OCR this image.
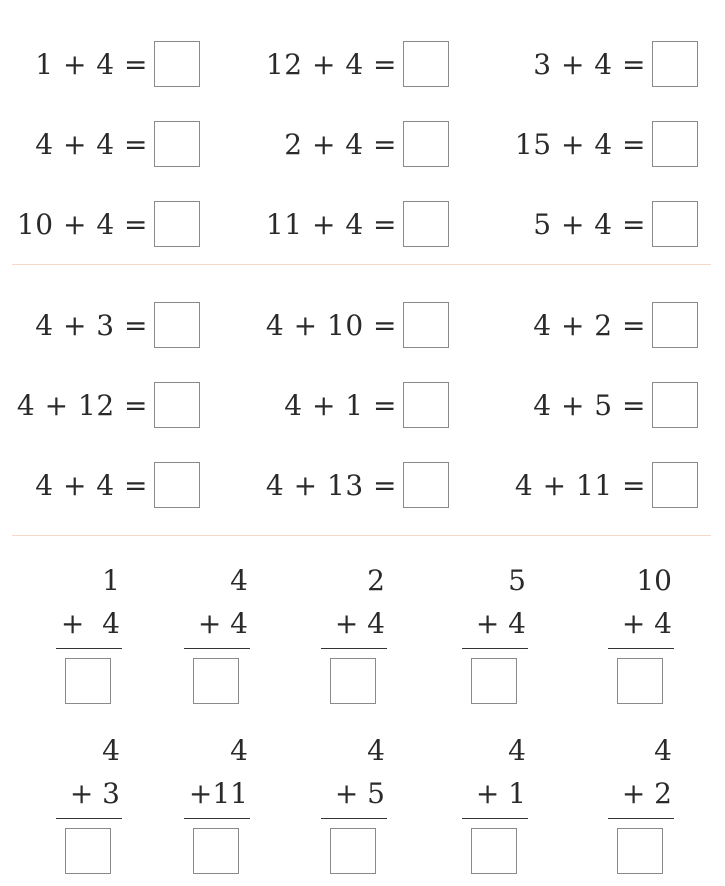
1 + 4 =	12 + 4 =	3 + 4 =
4 + 4 =	2 + 4 =	15 + 4 =
10 + 4 =	11 + 4 =	5 + 4 =
4 + 3 =	4 + 10 =	4 + 2 =
4 + 12 =	4 + 1 =	4 + 5 =
4 + 4 =	4 + 13 =	4 + 11 =
1
+  4
4
+ 4
2
+ 4
5
+ 4
10
+ 4
4
+ 3
4
+11
4
+ 5
4
+ 1
4
+ 2
